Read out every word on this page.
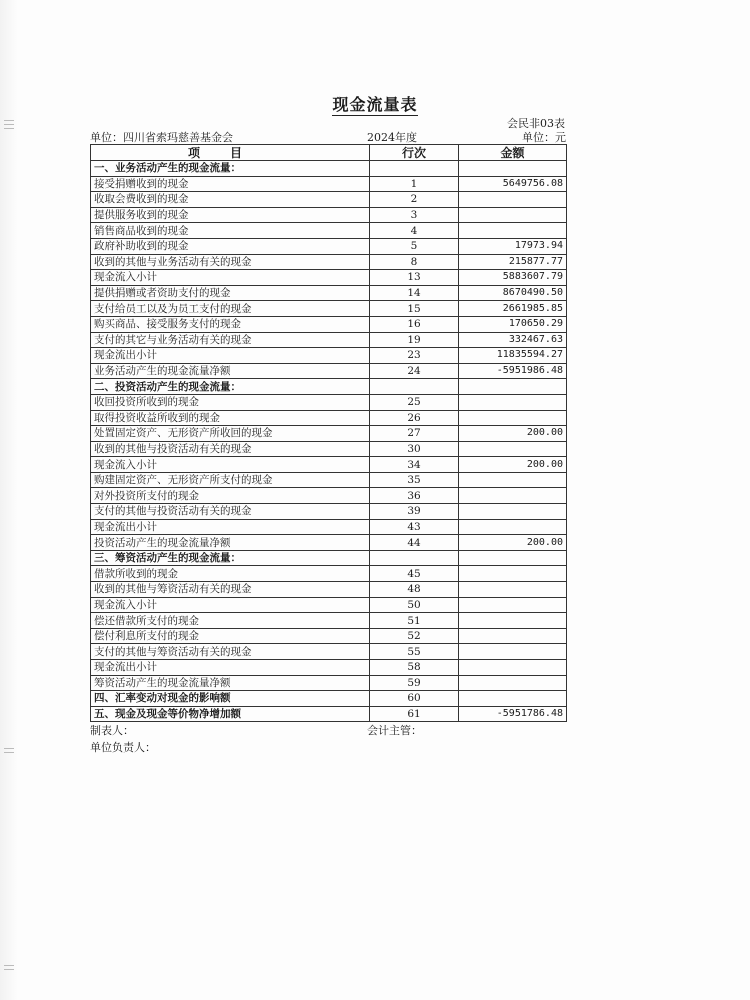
现金流量表
会民非03表
单位：四川省索玛慈善基金会	2024年度	单位：元
项目	行次	金额
一、业务活动产生的现金流量：		
接受捐赠收到的现金	1	5649756.08
收取会费收到的现金	2	
提供服务收到的现金	3	
销售商品收到的现金	4	
政府补助收到的现金	5	17973.94
收到的其他与业务活动有关的现金	8	215877.77
现金流入小计	13	5883607.79
提供捐赠或者资助支付的现金	14	8670490.50
支付给员工以及为员工支付的现金	15	2661985.85
购买商品、接受服务支付的现金	16	170650.29
支付的其它与业务活动有关的现金	19	332467.63
现金流出小计	23	11835594.27
业务活动产生的现金流量净额	24	-5951986.48
二、投资活动产生的现金流量：		
收回投资所收到的现金	25	
取得投资收益所收到的现金	26	
处置固定资产、无形资产所收回的现金	27	200.00
收到的其他与投资活动有关的现金	30	
现金流入小计	34	200.00
购建固定资产、无形资产所支付的现金	35	
对外投资所支付的现金	36	
支付的其他与投资活动有关的现金	39	
现金流出小计	43	
投资活动产生的现金流量净额	44	200.00
三、筹资活动产生的现金流量：		
借款所收到的现金	45	
收到的其他与筹资活动有关的现金	48	
现金流入小计	50	
偿还借款所支付的现金	51	
偿付利息所支付的现金	52	
支付的其他与筹资活动有关的现金	55	
现金流出小计	58	
筹资活动产生的现金流量净额	59	
四、汇率变动对现金的影响额	60	
五、现金及现金等价物净增加额	61	-5951786.48
制表人：	会计主管：
单位负责人：
